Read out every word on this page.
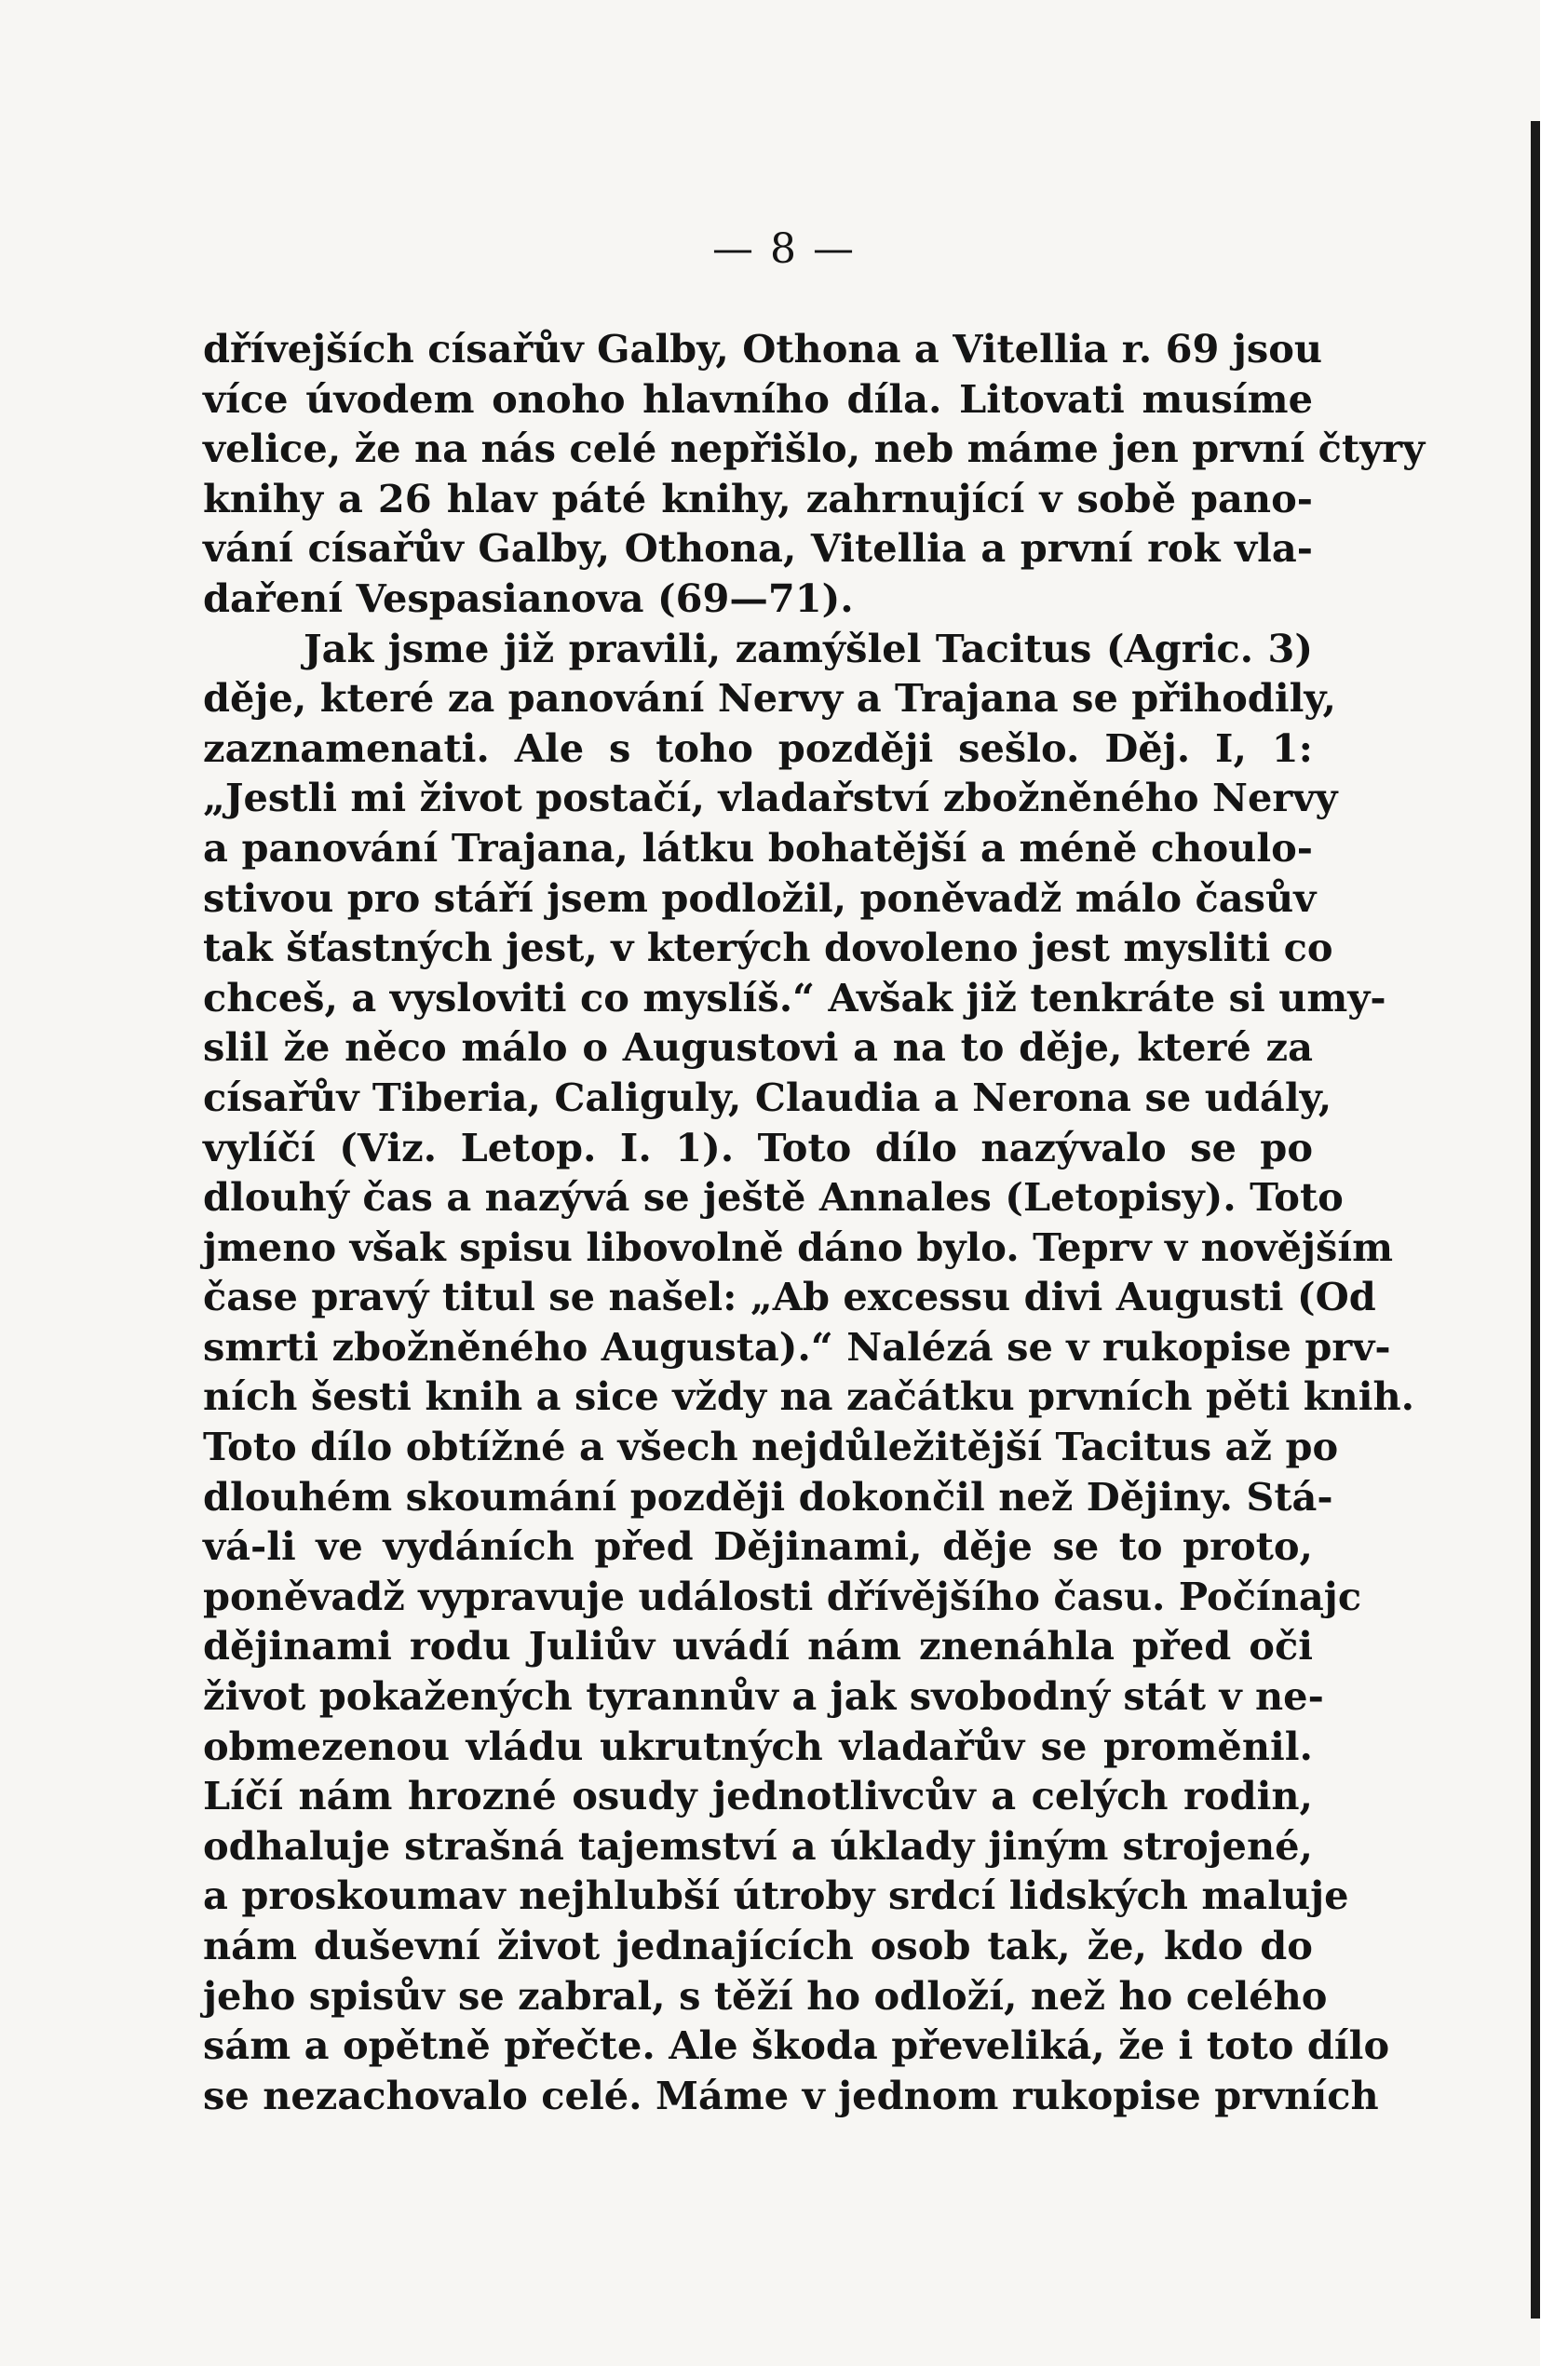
— 8 —
dřívejších císařův Galby, Othona a Vitellia r. 69 jsou
více úvodem onoho hlavního díla. Litovati musíme
velice, že na nás celé nepřišlo, neb máme jen první čtyry
knihy a 26 hlav páté knihy, zahrnující v sobě pano-
vání císařův Galby, Othona, Vitellia a první rok vla-
daření Vespasianova (69—71).
Jak jsme již pravili, zamýšlel Tacitus (Agric. 3)
děje, které za panování Nervy a Trajana se přihodily,
zaznamenati. Ale s toho později sešlo. Děj. I, 1:
„Jestli mi život postačí, vladařství zbožněného Nervy
a panování Trajana, látku bohatější a méně choulo-
stivou pro stáří jsem podložil, poněvadž málo časův
tak šťastných jest, v kterých dovoleno jest mysliti co
chceš, a vysloviti co myslíš.“ Avšak již tenkráte si umy-
slil že něco málo o Augustovi a na to děje, které za
císařův Tiberia, Caliguly, Claudia a Nerona se udály,
vylíčí (Viz. Letop. I. 1). Toto dílo nazývalo se po
dlouhý čas a nazývá se ještě Annales (Letopisy). Toto
jmeno však spisu libovolně dáno bylo. Teprv v novějším
čase pravý titul se našel: „Ab excessu divi Augusti (Od
smrti zbožněného Augusta).“ Nalézá se v rukopise prv-
ních šesti knih a sice vždy na začátku prvních pěti knih.
Toto dílo obtížné a všech nejdůležitější Tacitus až po
dlouhém skoumání později dokončil než Dějiny. Stá-
vá-li ve vydáních před Dějinami, děje se to proto,
poněvadž vypravuje události dřívějšího času. Počínajc
dějinami rodu Juliův uvádí nám znenáhla před oči
život pokažených tyrannův a jak svobodný stát v ne-
obmezenou vládu ukrutných vladařův se proměnil.
Líčí nám hrozné osudy jednotlivcův a celých rodin,
odhaluje strašná tajemství a úklady jiným strojené,
a proskoumav nejhlubší útroby srdcí lidských maluje
nám duševní život jednajících osob tak, že, kdo do
jeho spisův se zabral, s těží ho odloží, než ho celého
sám a opětně přečte. Ale škoda převeliká, že i toto dílo
se nezachovalo celé. Máme v jednom rukopise prvních
